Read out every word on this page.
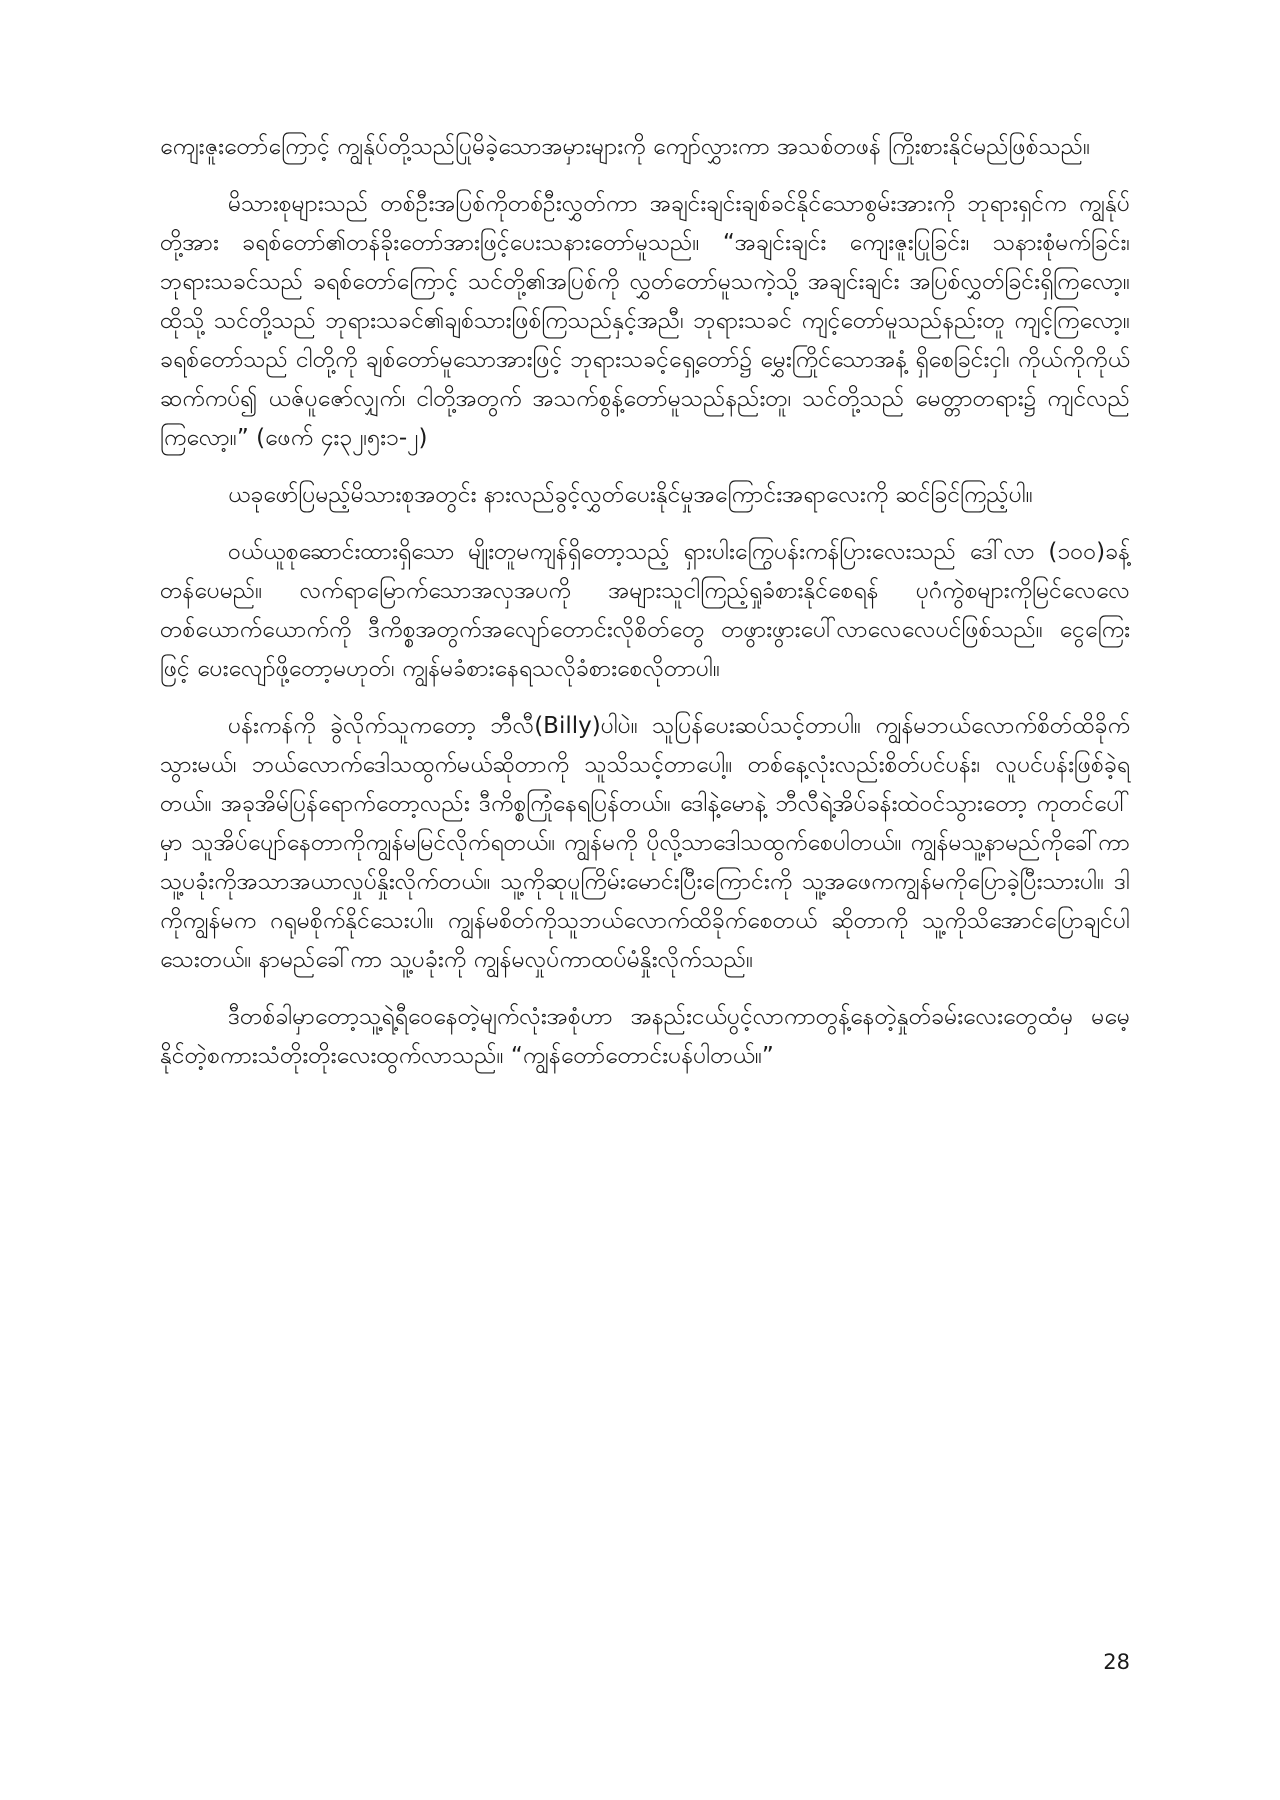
ကျေးဇူးတော်ကြောင့် ကျွန်ုပ်တို့သည်ပြုမိခဲ့သောအမှားများကို ကျော်လွှားကာ အသစ်တဖန် ကြိုးစားနိုင်မည်ဖြစ်သည်။

မိသားစုများသည် တစ်ဦးအပြစ်ကိုတစ်ဦးလွှတ်ကာ အချင်းချင်းချစ်ခင်နိုင်သောစွမ်းအားကို ဘုရားရှင်က ကျွန်ုပ်တို့အား ခရစ်တော်၏တန်ခိုးတော်အားဖြင့်ပေးသနားတော်မူသည်။ “အချင်းချင်း ကျေးဇူးပြုခြင်း၊ သနားစုံမက်ခြင်း၊ ဘုရားသခင်သည် ခရစ်တော်ကြောင့် သင်တို့၏အပြစ်ကို လွှတ်တော်မူသကဲ့သို့ အချင်းချင်း အပြစ်လွှတ်ခြင်းရှိကြလော့။ ထိုသို့ သင်တို့သည် ဘုရားသခင်၏ချစ်သားဖြစ်ကြသည်နှင့်အညီ၊ ဘုရားသခင် ကျင့်တော်မူသည်နည်းတူ ကျင့်ကြလော့။ ခရစ်တော်သည် ငါတို့ကို ချစ်တော်မူသောအားဖြင့် ဘုရားသခင့်ရှေ့တော်၌ မွှေးကြိုင်သောအနံ့ ရှိစေခြင်းငှါ၊ ကိုယ်ကိုကိုယ် ဆက်ကပ်၍ ယဇ်ပူဇော်လျှက်၊ ငါတို့အတွက် အသက်စွန့်တော်မူသည်နည်းတူ၊ သင်တို့သည် မေတ္တာတရား၌ ကျင်လည်ကြလော့။” (ဖေက် ၄း၃၂၊၅း၁-၂)

ယခုဖော်ပြမည့်မိသားစုအတွင်း နားလည်ခွင့်လွှတ်ပေးနိုင်မှုအကြောင်းအရာလေးကို ဆင်ခြင်ကြည့်ပါ။

ဝယ်ယူစုဆောင်းထားရှိသော မျိုးတူမကျန်ရှိတော့သည့် ရှားပါးကြွေပန်းကန်ပြားလေးသည် ဒေါ်လာ (၁၀၀)ခန့်တန်ပေမည်။ လက်ရာမြောက်သောအလှအပကို အများသူငါကြည့်ရှုခံစားနိုင်စေရန် ပုဂံကွဲစများကိုမြင်လေလေ တစ်ယောက်ယောက်ကို ဒီကိစ္စအတွက်အလျော်တောင်းလိုစိတ်တွေ တဖွားဖွားပေါ်လာလေလေပင်ဖြစ်သည်။ ငွေကြေးဖြင့် ပေးလျော်ဖို့တော့မဟုတ်၊ ကျွန်မခံစားနေရသလိုခံစားစေလိုတာပါ။

ပန်းကန်ကို ခွဲလိုက်သူကတော့ ဘီလီ(Billy)ပါပဲ။ သူပြန်ပေးဆပ်သင့်တာပါ။ ကျွန်မဘယ်လောက်စိတ်ထိခိုက်သွားမယ်၊ ဘယ်လောက်ဒေါသထွက်မယ်ဆိုတာကို သူသိသင့်တာပေါ့။ တစ်နေ့လုံးလည်းစိတ်ပင်ပန်း၊ လူပင်ပန်းဖြစ်ခဲ့ရတယ်။ အခုအိမ်ပြန်ရောက်တော့လည်း ဒီကိစ္စကြုံနေရပြန်တယ်။ ဒေါနဲ့မောနဲ့ ဘီလီရဲ့အိပ်ခန်းထဲဝင်သွားတော့ ကုတင်ပေါ်မှာ သူအိပ်ပျော်နေတာကိုကျွန်မမြင်လိုက်ရတယ်။ ကျွန်မကို ပိုလို့သာဒေါသထွက်စေပါတယ်။ ကျွန်မသူ့နာမည်ကိုခေါ်ကာ သူ့ပခုံးကိုအသာအယာလှုပ်နှိုးလိုက်တယ်။ သူ့ကိုဆုပူကြိမ်းမောင်းပြီးကြောင်းကို သူ့အဖေကကျွန်မကိုပြောခဲ့ပြီးသားပါ။ ဒါကိုကျွန်မက ဂရုမစိုက်နိုင်သေးပါ။ ကျွန်မစိတ်ကိုသူဘယ်လောက်ထိခိုက်စေတယ် ဆိုတာကို သူ့ကိုသိအောင်ပြောချင်ပါသေးတယ်။ နာမည်ခေါ်ကာ သူ့ပခုံးကို ကျွန်မလှုပ်ကာထပ်မံနှိုးလိုက်သည်။

ဒီတစ်ခါမှာတော့သူ့ရဲ့ရီဝေနေတဲ့မျက်လုံးအစုံဟာ အနည်းငယ်ပွင့်လာကာတွန့်နေတဲ့နှုတ်ခမ်းလေးတွေထံမှ မမေ့နိုင်တဲ့စကားသံတိုးတိုးလေးထွက်လာသည်။ “ကျွန်တော်တောင်းပန်ပါတယ်။”

28
